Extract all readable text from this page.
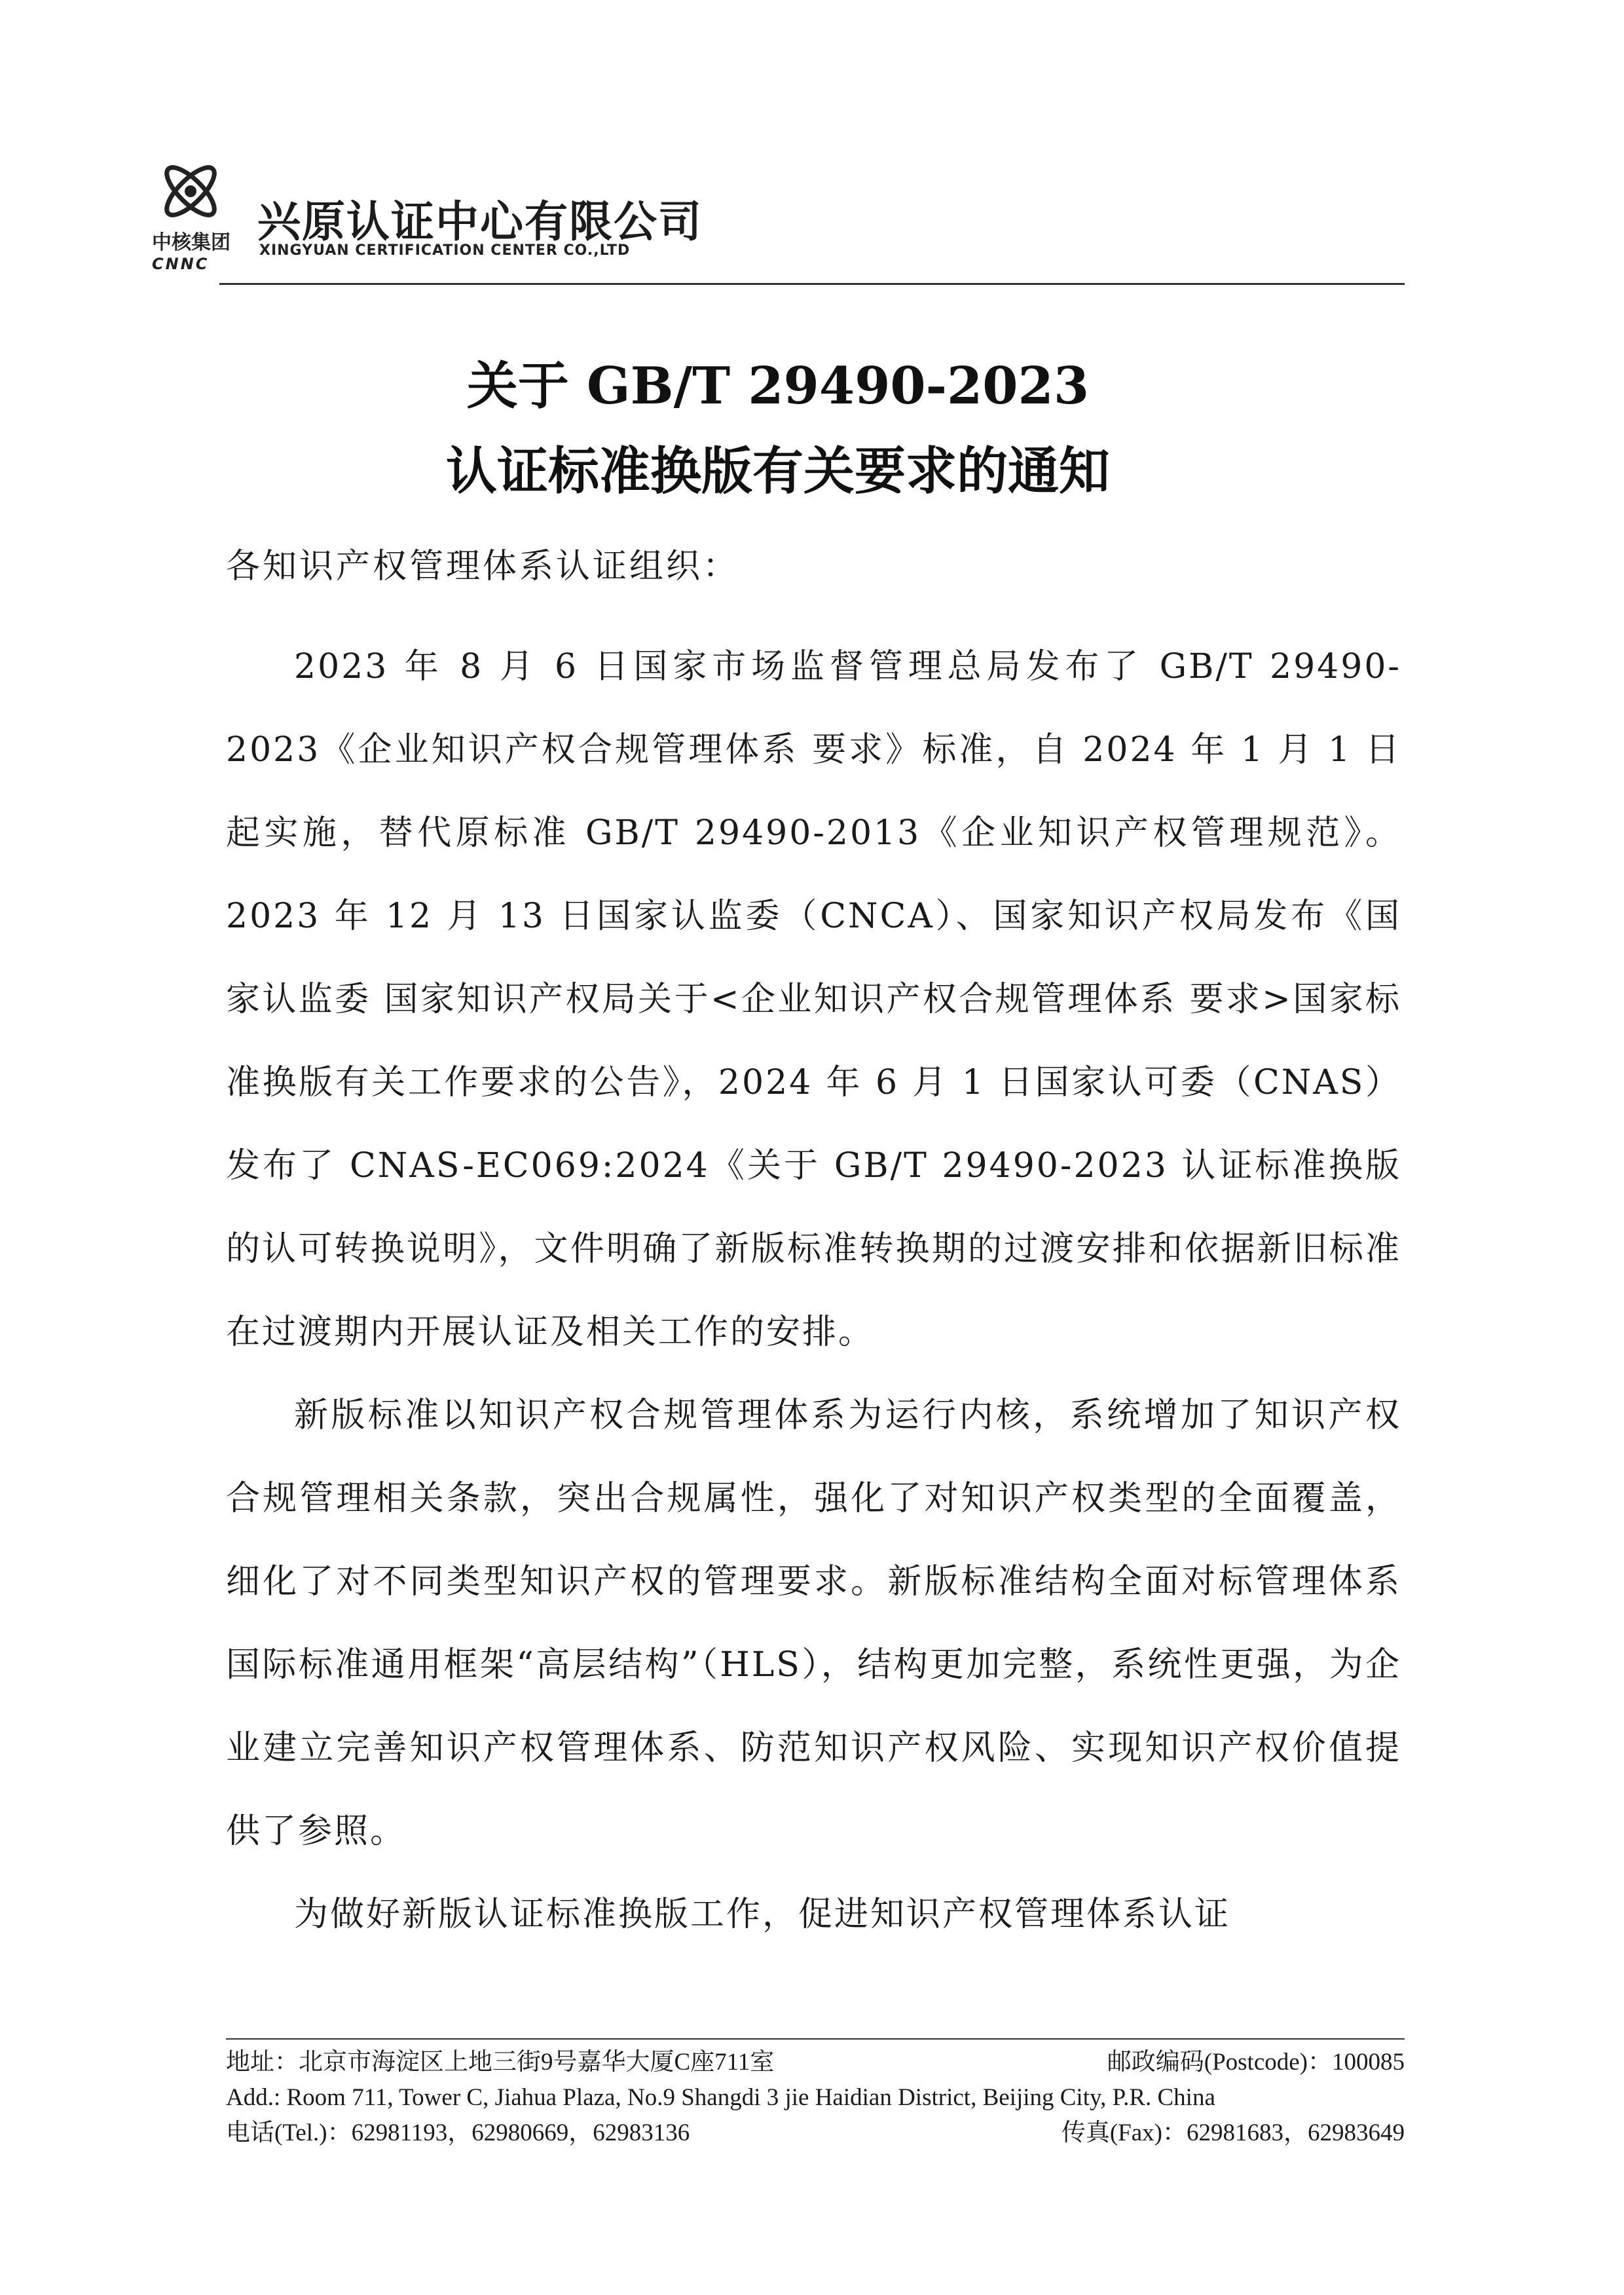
中核集团
CNNC
兴原认证中心有限公司
XINGYUAN CERTIFICATION CENTER CO.,LTD
关于 GB/T 29490-2023
认证标准换版有关要求的通知
各知识产权管理体系认证组织：

2023 年 8 月 6 日国家市场监督管理总局发布了 GB/T 29490-2023《企业知识产权合规管理体系 要求》标准，自 2024 年 1 月 1 日起实施，替代原标准 GB/T 29490-2013《企业知识产权管理规范》。2023 年 12 月 13 日国家认监委（CNCA）、国家知识产权局发布《国家认监委 国家知识产权局关于<企业知识产权合规管理体系 要求>国家标准换版有关工作要求的公告》，2024 年 6 月 1 日国家认可委（CNAS）发布了 CNAS-EC069:2024《关于 GB/T 29490-2023 认证标准换版的认可转换说明》，文件明确了新版标准转换期的过渡安排和依据新旧标准在过渡期内开展认证及相关工作的安排。

新版标准以知识产权合规管理体系为运行内核，系统增加了知识产权合规管理相关条款，突出合规属性，强化了对知识产权类型的全面覆盖，细化了对不同类型知识产权的管理要求。新版标准结构全面对标管理体系国际标准通用框架“高层结构”（HLS），结构更加完整，系统性更强，为企业建立完善知识产权管理体系、防范知识产权风险、实现知识产权价值提供了参照。

为做好新版认证标准换版工作，促进知识产权管理体系认证

地址：北京市海淀区上地三街9号嘉华大厦C座711室	邮政编码(Postcode)：100085
Add.: Room 711, Tower C, Jiahua Plaza, No.9 Shangdi 3 jie Haidian District, Beijing City, P.R. China
电话(Tel.)：62981193，62980669，62983136	传真(Fax)：62981683，62983649
